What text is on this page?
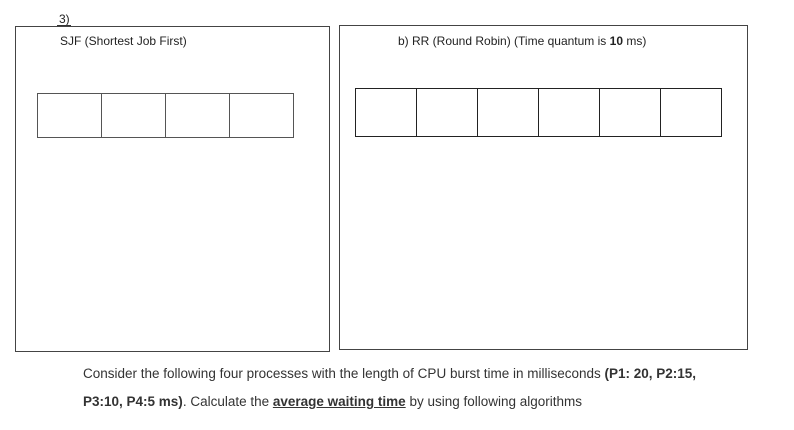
3)
SJF (Shortest Job First)	b) RR (Round Robin) (Time quantum is 10 ms)
Consider the following four processes with the length of CPU burst time in milliseconds (P1: 20, P2:15,
P3:10, P4:5 ms). Calculate the average waiting time by using following algorithms
